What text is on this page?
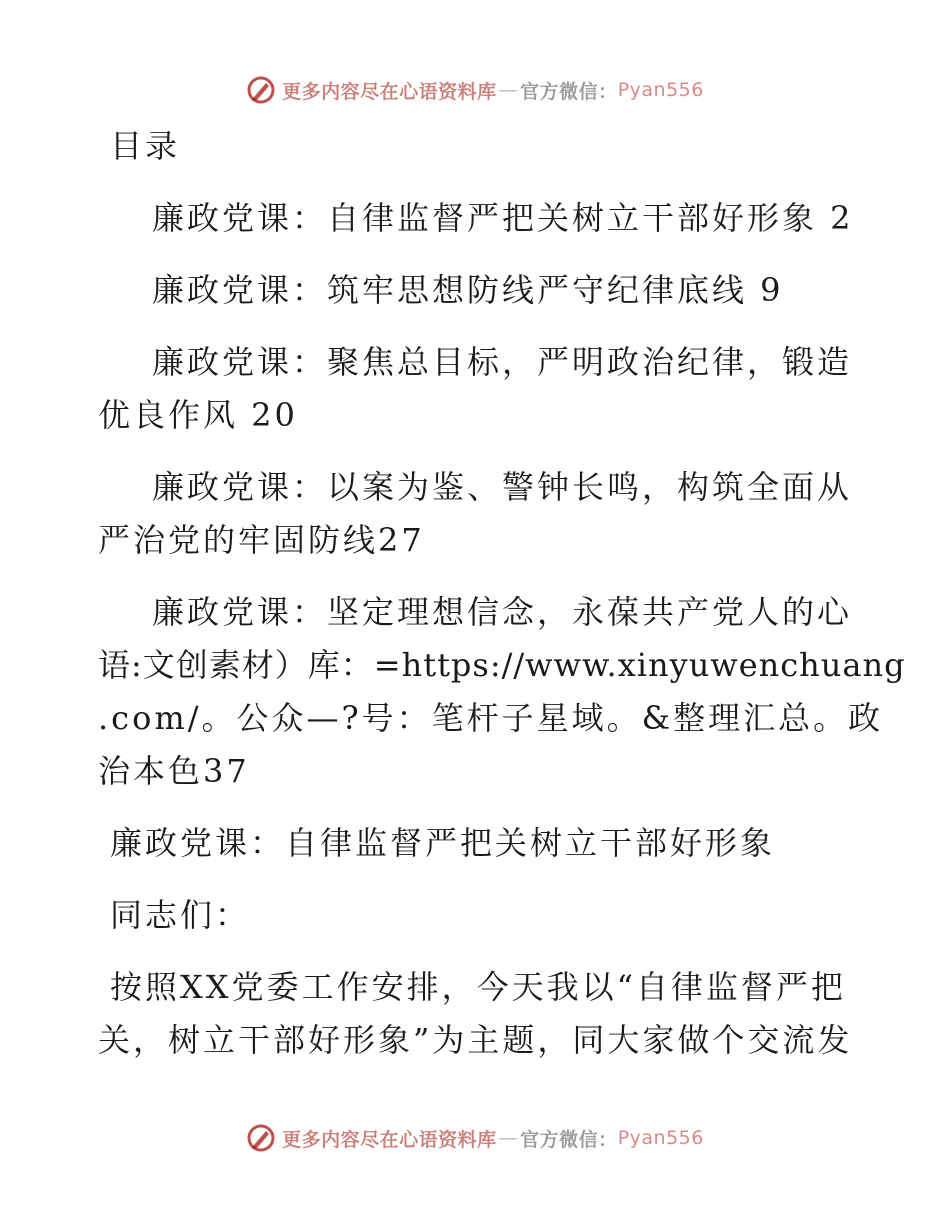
更多内容尽在心语资料库 — 官方微信： Pyan556
目录
廉政党课：自律监督严把关树立干部好形象 2
廉政党课：筑牢思想防线严守纪律底线 9
廉政党课：聚焦总目标，严明政治纪律，锻造
优良作风 20
廉政党课：以案为鉴、警钟长鸣，构筑全面从
严治党的牢固防线27
廉政党课：坚定理想信念，永葆共产党人的心
语:文创素材）库：=https://www.xinyuwenchuang
.com/。公众—?号：笔杆子星域。&整理汇总。政
治本色37
廉政党课：自律监督严把关树立干部好形象
同志们：
按照XX党委工作安排，今天我以“自律监督严把
关，树立干部好形象”为主题，同大家做个交流发
更多内容尽在心语资料库 — 官方微信： Pyan556
